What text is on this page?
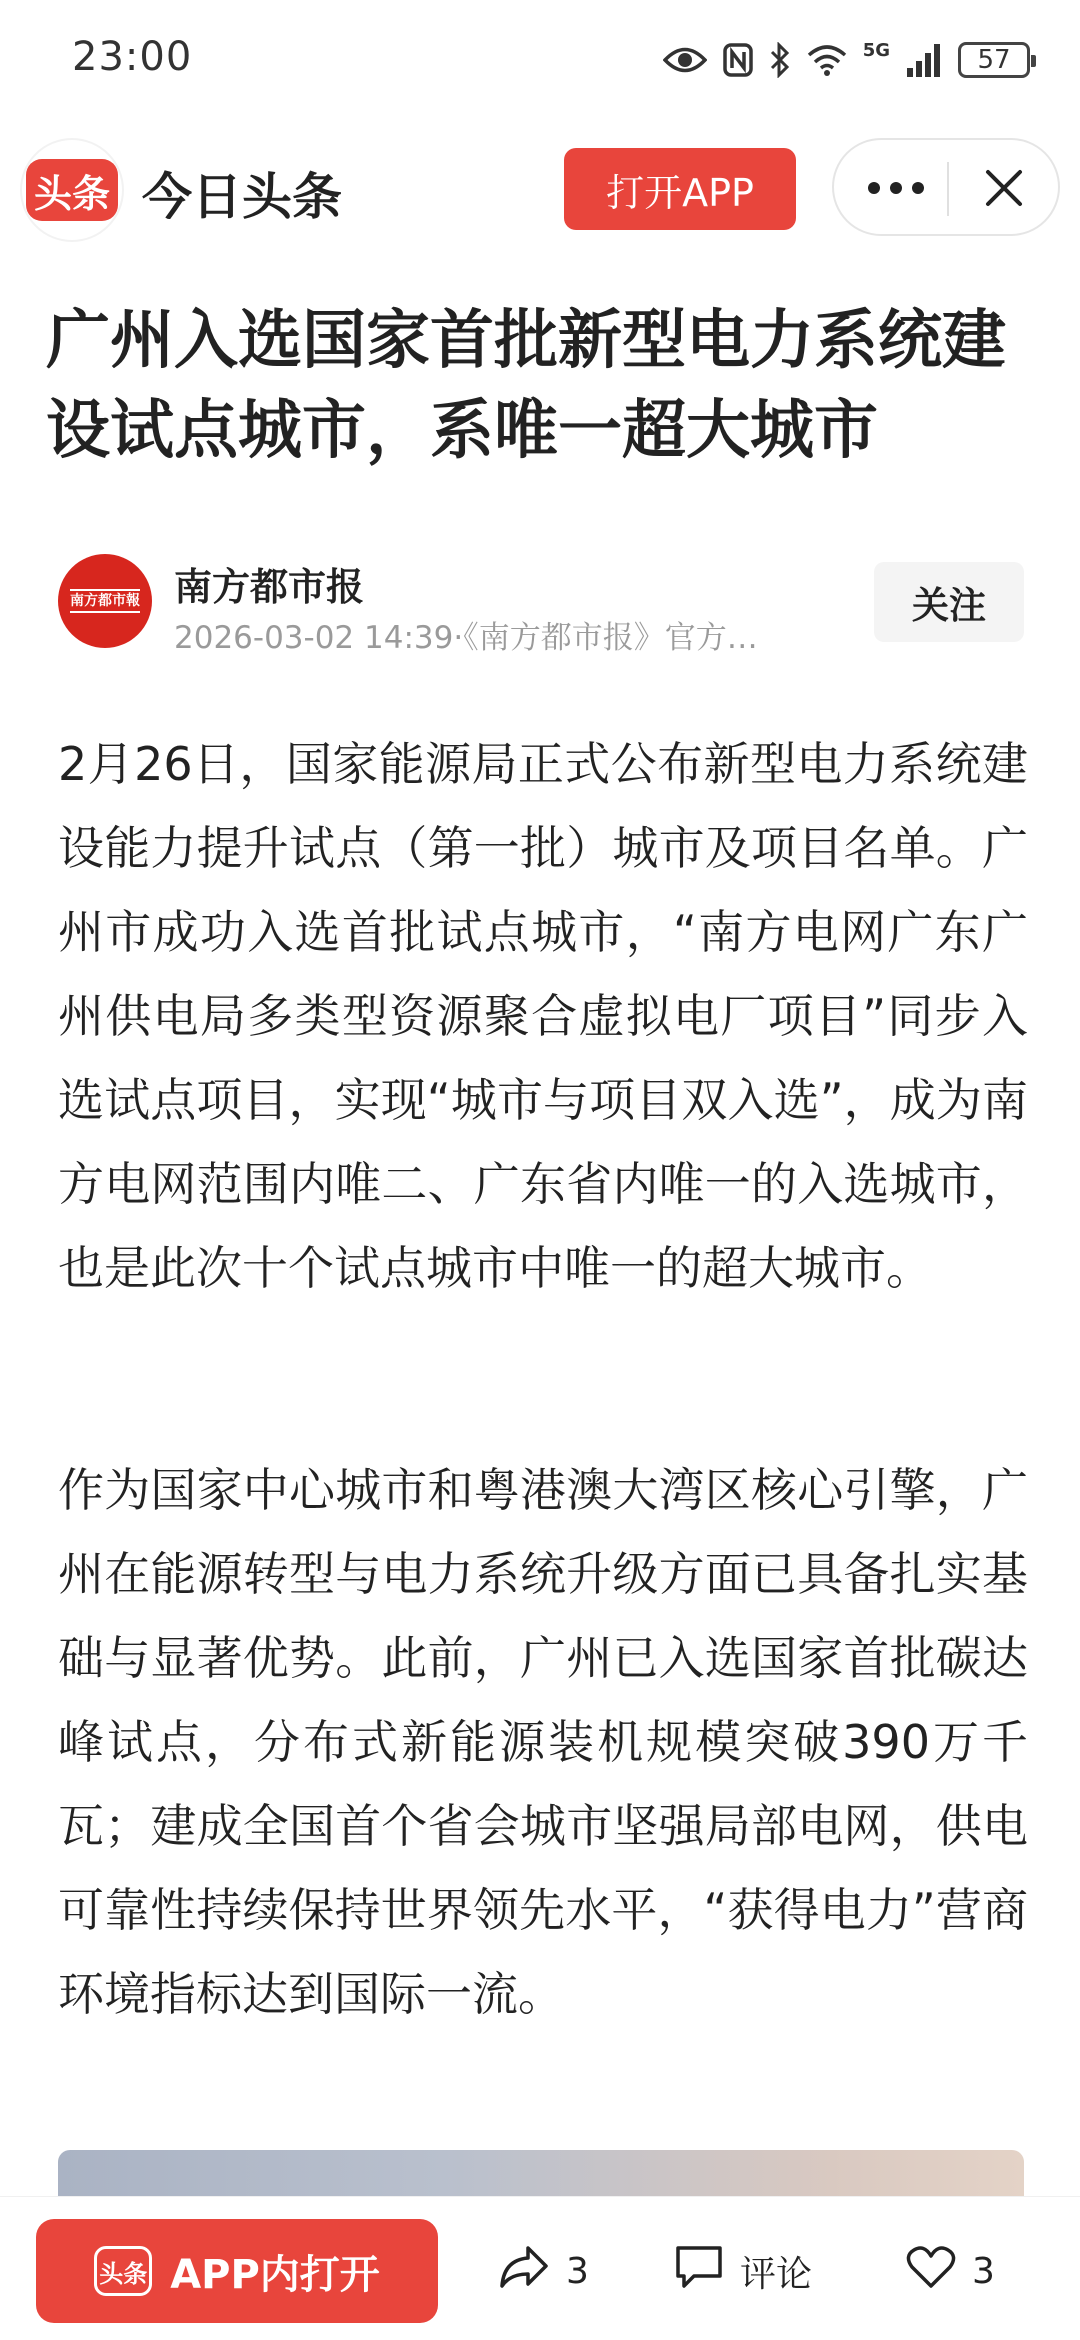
23:00	5G	57
头条 今日头条	打开APP
广州入选国家首批新型电力系统建设试点城市，系唯一超大城市
南方都市報 南方都市报
2026-03-02 14:39·《南方都市报》官方…
关注
2月26日，国家能源局正式公布新型电力系统建设能力提升试点（第一批）城市及项目名单。广州市成功入选首批试点城市，“南方电网广东广州供电局多类型资源聚合虚拟电厂项目”同步入选试点项目，实现“城市与项目双入选”，成为南方电网范围内唯二、广东省内唯一的入选城市，也是此次十个试点城市中唯一的超大城市。
作为国家中心城市和粤港澳大湾区核心引擎，广州在能源转型与电力系统升级方面已具备扎实基础与显著优势。此前，广州已入选国家首批碳达峰试点，分布式新能源装机规模突破390万千瓦；建成全国首个省会城市坚强局部电网，供电可靠性持续保持世界领先水平，“获得电力”营商环境指标达到国际一流。
头条 APP内打开	3	评论	3
